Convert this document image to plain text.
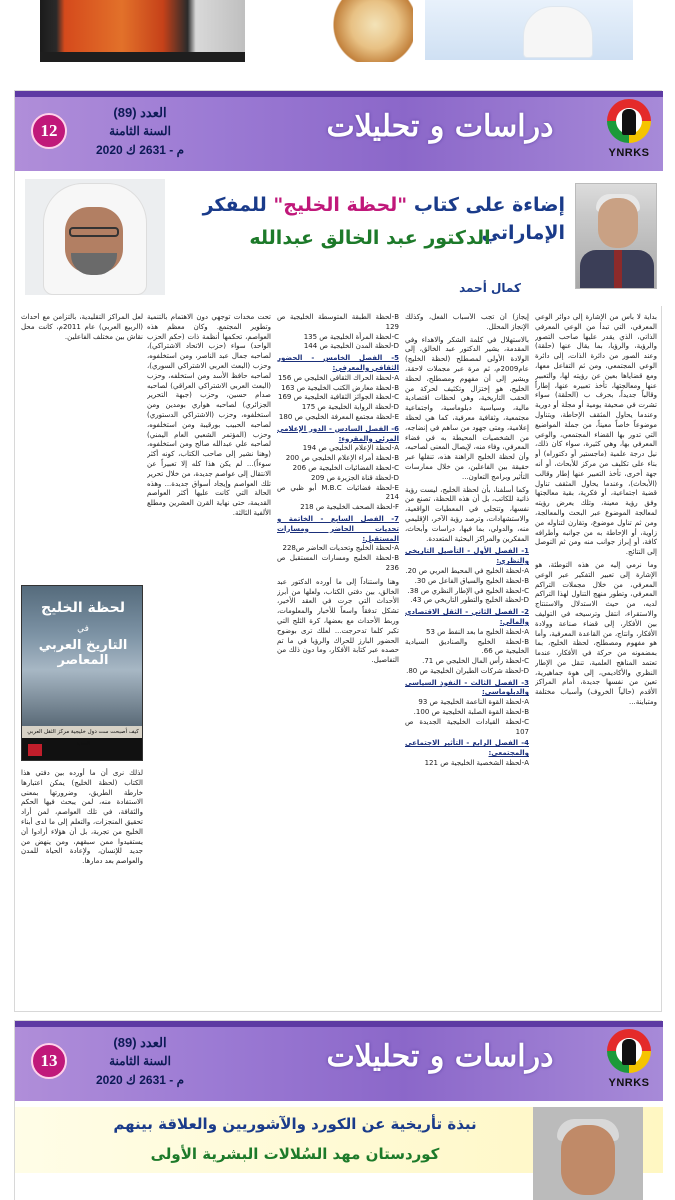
12
العدد (89)
السنة الثامنة
2020 م - 2631 ك
دراسات و تحليلات
YNRKS
إضاءة على كتاب "لحظة الخليج" للمفكر الإماراتي
الدكتور عبد الخالق عبدالله
كمال أحمد

بداية لا بأس من الإشارة إلى دوائر الوعي المعرفي، التي تبدأ من الوعي المعرفي الذاتي، الذي يقدر عليها صاحب التصور والرؤية، والرؤيا، بما يقال عنها (حلقة) وعند الصور من دائرة الذات، إلى دائرة الوعي المجتمعي، ومن ثم التفاعل معها، ومع قضاياها بعين عن رؤيته لها، والتعبير عنها ومعالجتها، تأخذ تعبيره عنها، إطاراً وقالباً جديداً، بحرف ب (الحلقة) سواء تشرت في صحيفة يومية أو مجلة أو دورية وعندما يحاول المثقف الإحاطة، ويتناول موضوعاً خاصاً معيناً، من جملة المواضيع التي تدور بها القضاء المجتمعي، والوعي المعرفي بها، وهي كثيرة، سواء كان ذلك، نيل درجة علمية (ماجستير أو دكتوراه) أو بناء على تكليف من مركز للأبحاث، أو أنه جهة أخرى، تأخذ التعبير عنها إطار وقالب (الأبحاث)، وعندما يحاول المثقف تناول قضية اجتماعية، أو فكرية، بقية معالجتها وفق رؤية معينة، وتلك يعرض رؤيته لمعالجة الموضوع عبر البحث والمعالجة، ومن ثم تناول موضوع، وتقارن لتناوله من زاوية، أو الإحاطة به من جوانبه وأطرافه كافة، أو إبراز جوانب منه ومن ثم التوصل إلى النتائج.

وما نرمي إليه من هذه التوطئة، هو الإشارة إلى تعبير التفكير عبر الوعي المعرفي، من خلال مجملات التراكم المعرفي، وتطور منهج التناول لهذا التراكم لديه، من حيث الاستدلال والاستنتاج والاستقراء، انتقل وترسيخه في التوليف بين الأفكار، إلى قضاء صناعة وولادة الأفكار، وانتاج، من القاعدة المعرفية، وأما هو مفهوم ومصطلح، لحظة الخليج، بما بمضمونه من حركة في الأفكار، عندما تعتمد المناهج العلمية، تنقل من الإطار النظري والأكاديمي، إلى هوة جماهيرية، تعين من نفسها جديدة، أمام المراكز الأقدم (حالياً الخروف) وأسباب مختلفة ومتباينة...

إيجاز) أن تجب الأسباب الفعل، وكذلك الإنجاز المحلل.

بالاستهلال في كلمة الشكر والاهداء وفي المقدمة، يشير الدكتور عبد الخالق، إلى الولادة الأولى لمصطلح (لحظة الخليج) عام2009م، ثم مرة عبر مجملات لاحقة، ويشير إلى أن مفهوم ومصطلح، لحظة الخليج، هو إختزال وتكثيف لحركة من الحقب التاريخية، وهي لحظات اقتصادية مالية، وسياسية دبلوماسية، واجتماعية مجتمعية، وثقافية معرفية، كما هي لحظة إعلامية، ومتى جهود من ساهم في إنضاجه، من الشخصيات المحيطة به في فضاء المعرفي، وفاء منه، لإيصال المعنى لصاحبه، وأن لحظة الخليج الراهنة هذه، تنقلها عبر حقيقة بين الفاعلين، من خلال ممارسات التأثير وبرامج التعاون...

وكما أسلفنا، بأن لحظة الخليج، ليست رؤية ذاتية للكاتب، بل أن هذه اللحظة، تصنع من نفسها، وتتجلى في المعطيات الواقعية، والاستشهادات، وترصد رؤية الآخر، الإقليمي منه، والدولي، بما فيها، دراسات وأبحاث، المفكرين والمراكز البحثية المتعددة.

1- الفصل الأول - التأصيل التاريخي والنظري:
A-لحظة الخليج في المحيط العربي ص 20.
B-لحظة الخليج والسياق الفاعل ص 30.
C-لحظة الخليج في الإطار النظري ص 38.
D-لحظة الخليج والتطور التاريخي ص 43.
2- الفصل الثاني - الثقل الاقتصادي والمالي:
A-لحظة الخليج ما بعد النفط ص 53
B-لحظة الخليج والصناديق السيادية الخليجية ص 66.
C-لحظة رأس المال الخليجي ص 71.
D-لحظة شركات الطيران الخليجية ص 80.
3- الفصل الثالث - النفوذ السياسي والدبلوماسي:
A-لحظة القوة الناعمة الخليجية ص 93
B-لحظة القوة الصلبة الخليجية ص 100.
C-لحظة القيادات الخليجية الجديدة ص 107
4- الفصل الرابع - التأثير الاجتماعي والمجتمعي:
A-لحظة الشخصية الخليجية ص 121
B-لحظة الطبقة المتوسطة الخليجية ص 129
C-لحظة المرأة الخليجية ص 135
D-لحظة المدن الخليجية ص 144
5- الفصل الخامس - الحضور الثقافي والمعرفي:
A-لحظة الحراك الثقافي الخليجي ص 156
B-لحظة معارض الكتب الخليجية ص 163
C-لحظة الجوائز الثقافية الخليجية ص 169
D-لحظة الرواية الخليجية ص 175
E-لحظة مجتمع المعرفة الخليجي ص 180
6- الفصل السادس - الدور الإعلامي المرئي والمقروء:
A-لحظة الإعلام الخليجي ص 194
B-لحظة أمراء الإعلام الخليجي ص 200
C-لحظة الفضائيات الخليجية ص 206
D-لحظة قناة الجزيرة ص 209
E-لحظة فضائيات M.B.C أبو ظبي ص 214
F-لحظة الصحف الخليجية ص 218
7- الفصل السابع - الخاتمة و تحديات الحاضر ومسارات المستقبل:
A-لحظة الخليج وتحديات الحاضر ص228
B-لحظة الخليج ومسارات المستقبل ص 236

وهنا واستناداً إلى ما أورده الدكتور عبد الخالق، بين دفتي الكتاب، ولعلها من أبرز الأحداث التي جرت في العقد الأخير، تشكل تدفقاً واسعاً للأخبار والمعلومات، وربط الأحداث مع بعضها، كرة الثلج التي تكبر كلما تدحرجت... لعلك ترى بوضوح الحضور البارز للحراك والرؤيا في ما تم حصده عبر كتابة الأفكار، وما دون ذلك من التفاصيل.

تحت مخدات توجهي دون الاهتمام بالتنمية وتطوير المجتمع. وكان معظم هذه العواصم، تحكمها أنظمة ذات (حكم الحزب الواحد) سواء (حزب الاتحاد الاشتراكي)، لصاحبه جمال عبد الناصر، ومن استخلفوه، وحزب (البعث العربي الاشتراكي السوري)، لصاحبه حافظ الأسد ومن استخلفه، وحزب (البعث العربي الاشتراكي العراقي) لصاحبه صدام حسين، وحزب (جبهة التحرير الجزائري) لصاحبه هواري بومدين ومن استخلفوه، وحزب (الاشتراكي الدستوري) لصاحبه الحبيب بورقيبة ومن استخلفوه، وحزب (المؤتمر الشعبي العام اليمني) لصاحبه علي عبدالله صالح ومن استخلفوه، (وهنا نشير إلى صاحب الكتاب، كونه أكثر سوءاً)... لم يكن هذا كله إلا تعبيراً عن الانتقال إلى عواصم جديدة، من خلال تحرير تلك العواصم وإيجاد أسواق جديدة... وهذه الحالة التي كانت عليها أكثر العواصم القديمة، حتى نهاية القرن العشرين ومطلع الألفية الثالثة.

لعل المراكز التقليدية، بالتزامن مع أحداث (الربيع العربي) عام 2011م، كانت محل نقاش بين مختلف الفاعلين.

لذلك نرى أن ما أورده بين دفتي هذا الكتاب (لحظة الخليج) يمكن اعتبارها خارطة الطريق، وضرورتها بمعنى الاستفادة منه، لمن يبحث فيها الحكم والثقافة، في تلك العواصم، لمن أراد تحقيق المنجزات، والتعلم إلى ما لدى أبناء الخليج من تجربة، بل أن هؤلاء أرادوا أن يستفيدوا ممن سبقهم، ومن ينهض من جديد للإنسان، ولإعادة الحياة للمدن والعواصم بعد دمارها.

لحظة الخليج
في
التاريخ العربي المعاصر
كيف أصبحت ست دول خليجية مركز الثقل العربي الجديد
13
العدد (89)
السنة الثامنة
2020 م - 2631 ك
دراسات و تحليلات
YNRKS
نبذة تأريخية عن الكورد والآشوريين والعلاقة بينهم
كوردستان مهد السُلالات البشرية الأولى
